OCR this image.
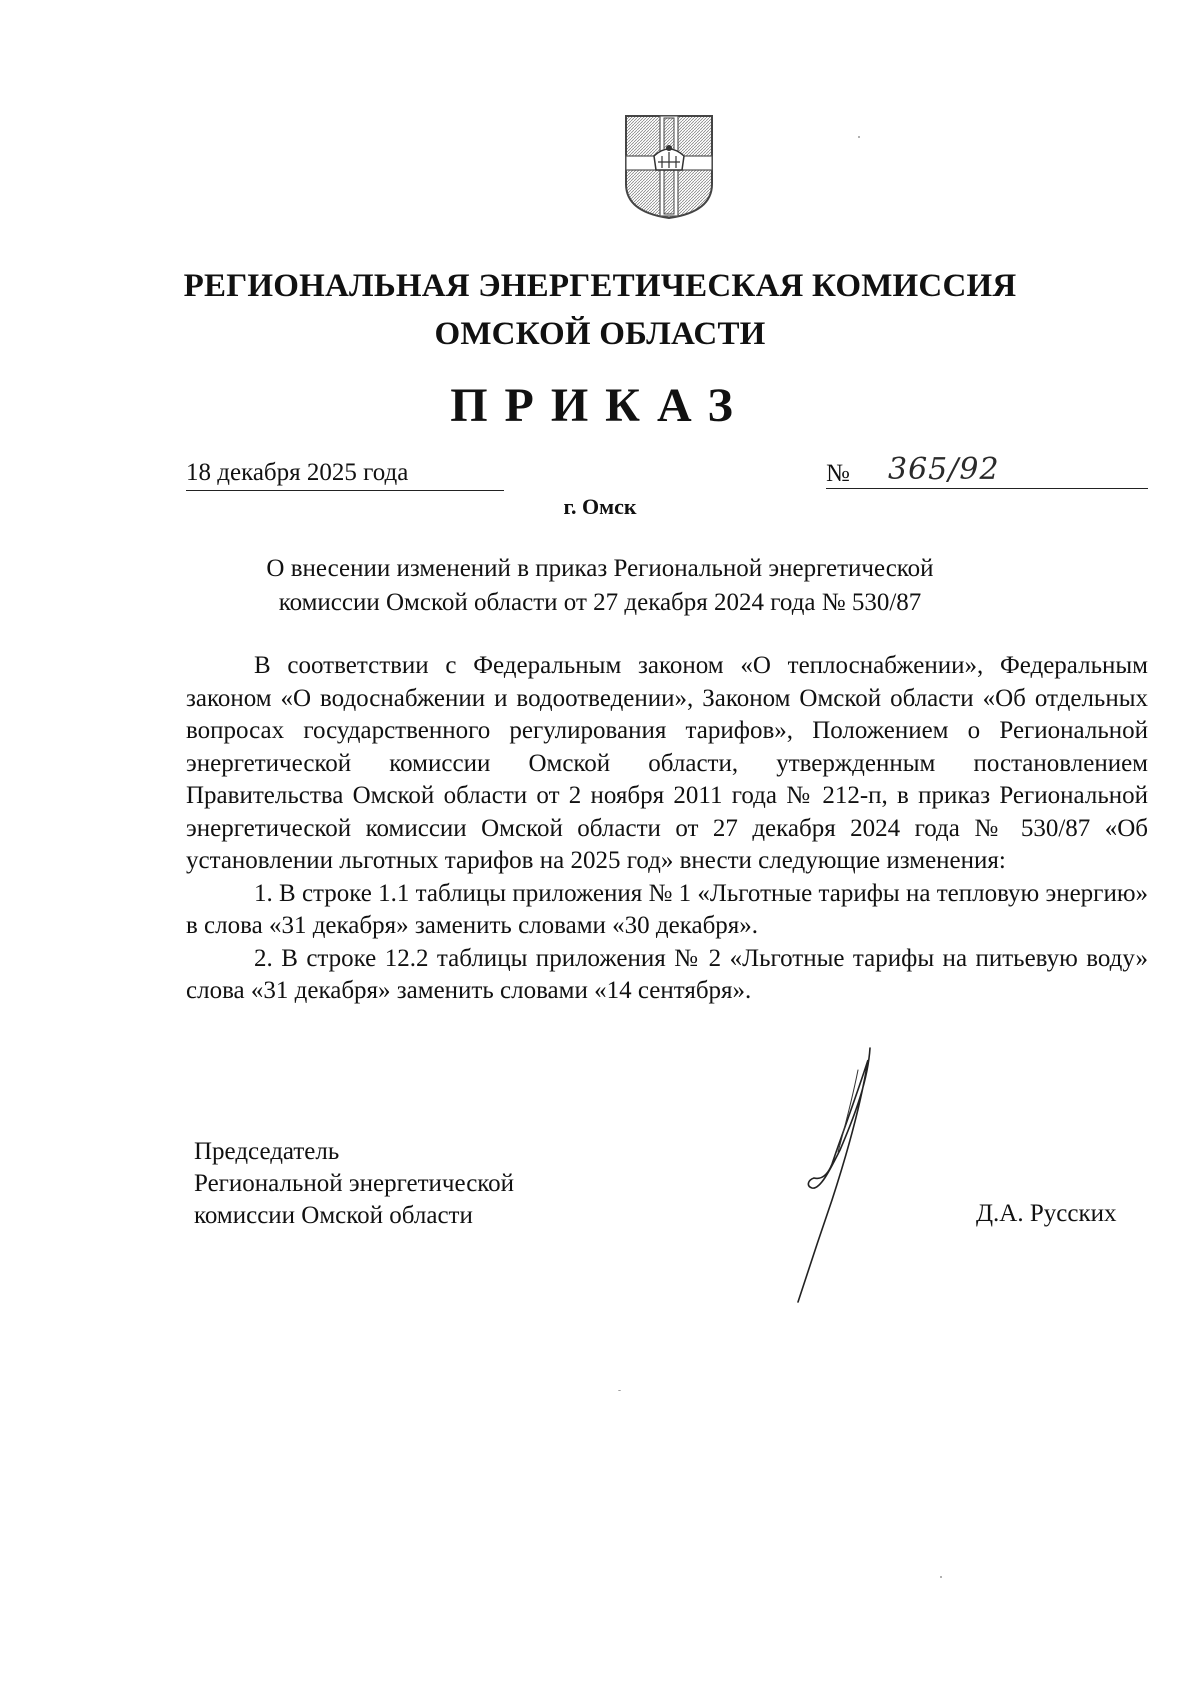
РЕГИОНАЛЬНАЯ ЭНЕРГЕТИЧЕСКАЯ КОМИССИЯ
ОМСКОЙ ОБЛАСТИ
ПРИКАЗ
18 декабря 2025 года	№ 365/92
г. Омск
О внесении изменений в приказ Региональной энергетической
комиссии Омской области от 27 декабря 2024 года № 530/87

В соответствии с Федеральным законом «О теплоснабжении», Федеральным законом «О водоснабжении и водоотведении», Законом Омской области «Об отдельных вопросах государственного регулирования тарифов», Положением о Региональной энергетической комиссии Омской области, утвержденным постановлением Правительства Омской области от 2 ноября 2011 года № 212-п, в приказ Региональной энергетической комиссии Омской области от 27 декабря 2024 года № 530/87 «Об установлении льготных тарифов на 2025 год» внести следующие изменения:

1. В строке 1.1 таблицы приложения № 1 «Льготные тарифы на тепловую энергию» в слова «31 декабря» заменить словами «30 декабря».

2. В строке 12.2 таблицы приложения № 2 «Льготные тарифы на питьевую воду» слова «31 декабря» заменить словами «14 сентября».

Председатель
Региональной энергетической
комиссии Омской области	Д.А. Русских
